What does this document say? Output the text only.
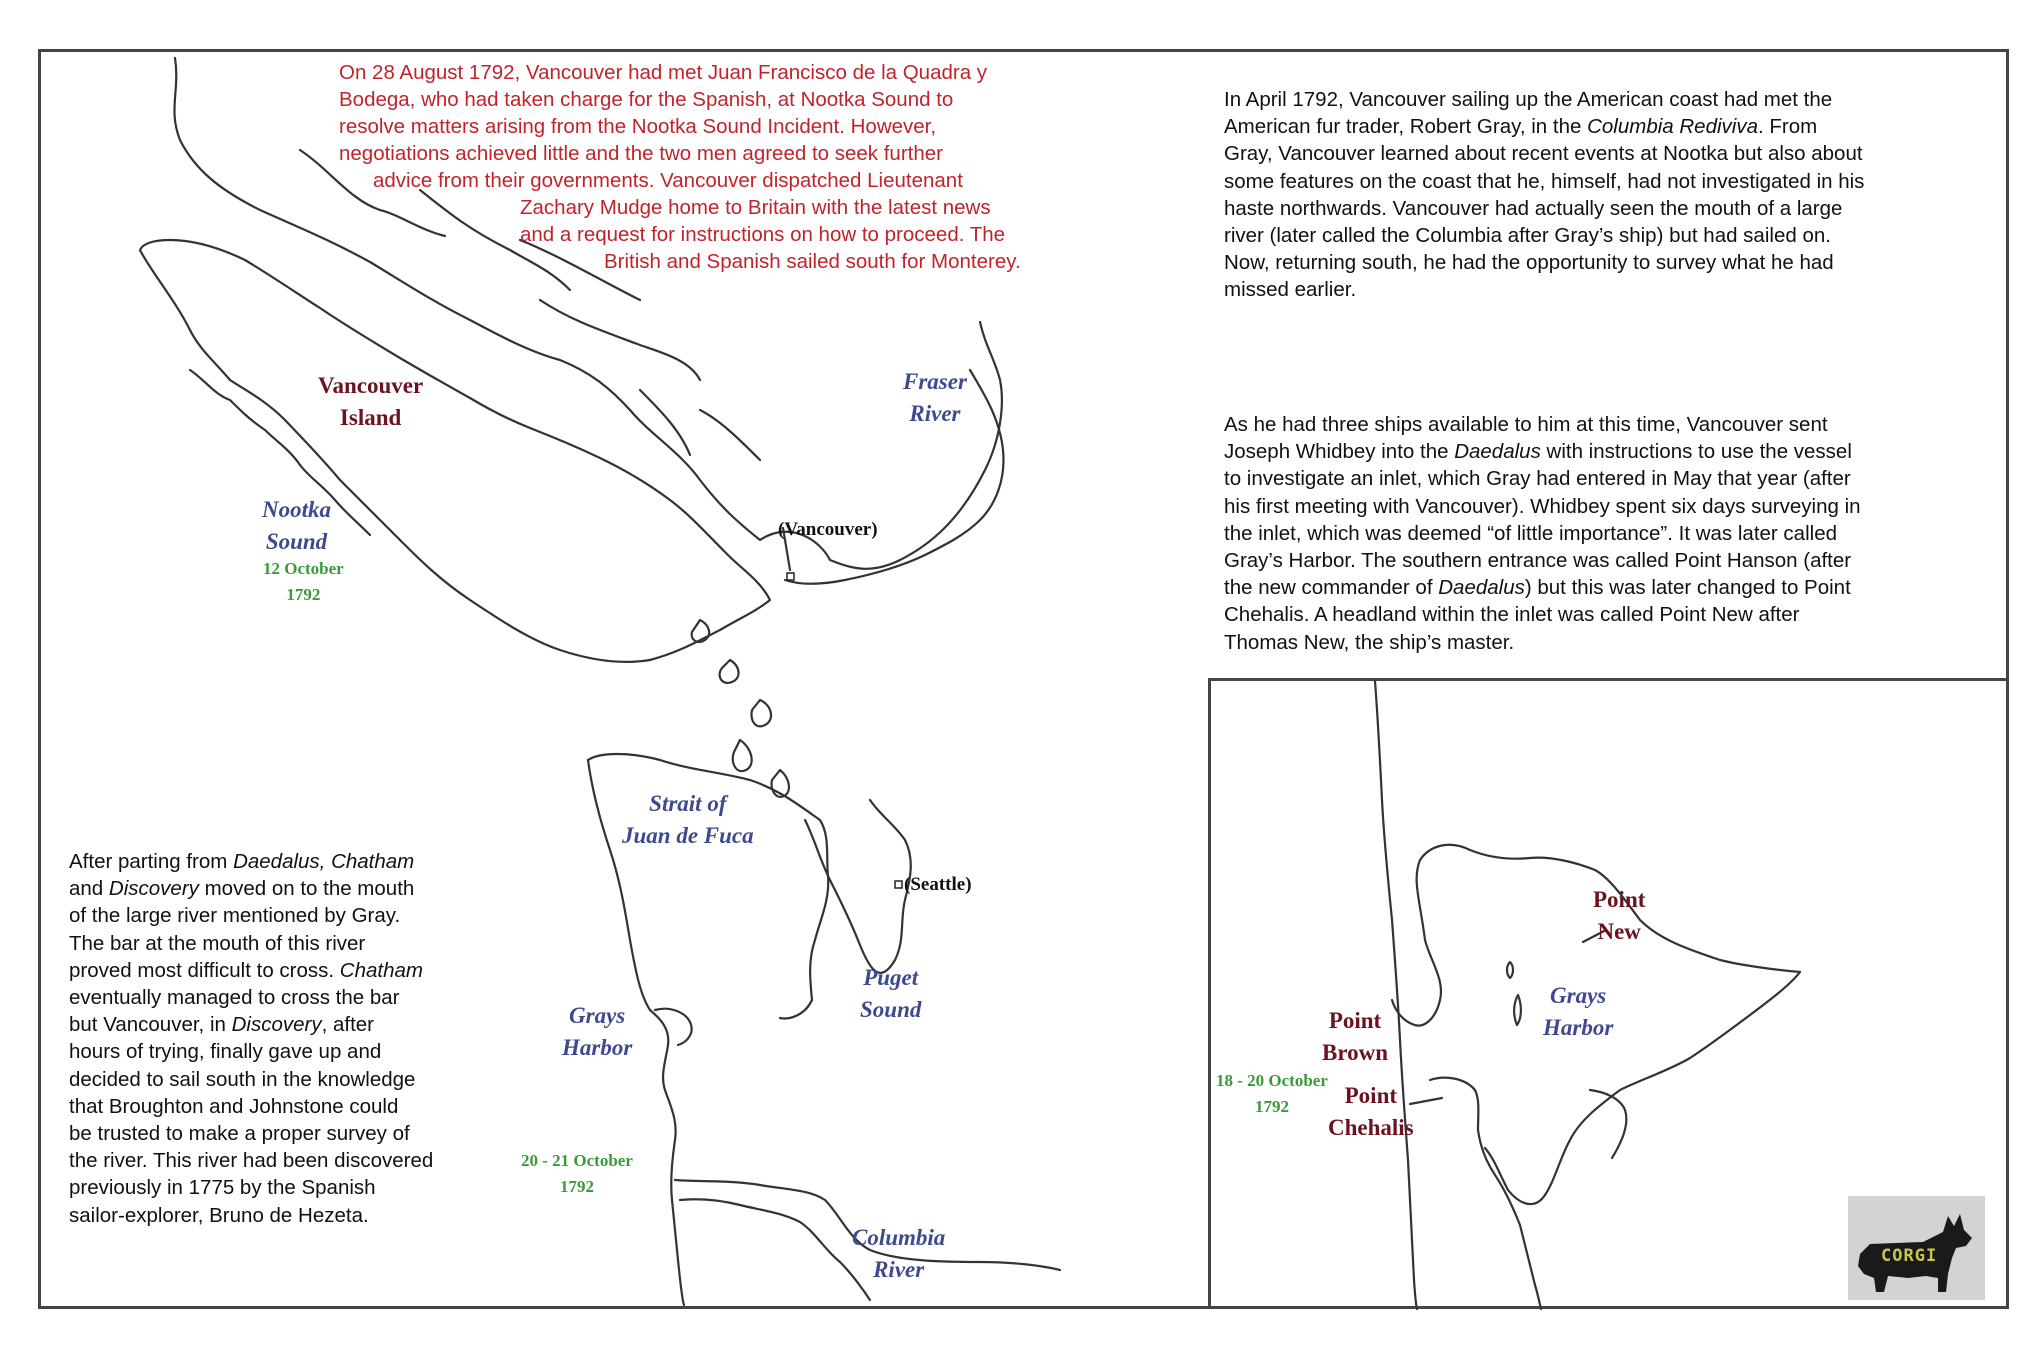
On 28 August 1792, Vancouver had met Juan Francisco de la Quadra y

Bodega, who had taken charge for the Spanish, at Nootka Sound to

resolve matters arising from the Nootka Sound Incident. However,

negotiations achieved little and the two men agreed to seek further

advice from their governments. Vancouver dispatched Lieutenant

Zachary Mudge home to Britain with the latest news

and a request for instructions on how to proceed. The

British and Spanish sailed south for Monterey.

In April 1792, Vancouver sailing up the American coast had met the

American fur trader, Robert Gray, in the Columbia Rediviva. From

Gray, Vancouver learned about recent events at Nootka but also about

some features on the coast that he, himself, had not investigated in his

haste northwards. Vancouver had actually seen the mouth of a large

river (later called the Columbia after Gray’s ship) but had sailed on.

Now, returning south, he had the opportunity to survey what he had

missed earlier.

As he had three ships available to him at this time, Vancouver sent

Joseph Whidbey into the Daedalus with instructions to use the vessel

to investigate an inlet, which Gray had entered in May that year (after

his first meeting with Vancouver). Whidbey spent six days surveying in

the inlet, which was deemed “of little importance”. It was later called

Gray’s Harbor. The southern entrance was called Point Hanson (after

the new commander of Daedalus) but this was later changed to Point

Chehalis. A headland within the inlet was called Point New after

Thomas New, the ship’s master.

After parting from Daedalus, Chatham

and Discovery moved on to the mouth

of the large river mentioned by Gray.

The bar at the mouth of this river

proved most difficult to cross. Chatham

eventually managed to cross the bar

but Vancouver, in Discovery, after

hours of trying, finally gave up and

decided to sail south in the knowledge

that Broughton and Johnstone could

be trusted to make a proper survey of

the river. This river had been discovered

previously in 1775 by the Spanish

sailor-explorer, Bruno de Hezeta.

Vancouver
Island
Nootka
Sound
12 October
1792
Fraser
River
(Vancouver)
Strait of
Juan de Fuca
(Seattle)
Puget
Sound
Grays
Harbor
20 - 21 October
1792
Columbia
River
Point
New
Point
Brown
Point
Chehalis
Grays
Harbor
18 - 20 October
1792
CORGI
